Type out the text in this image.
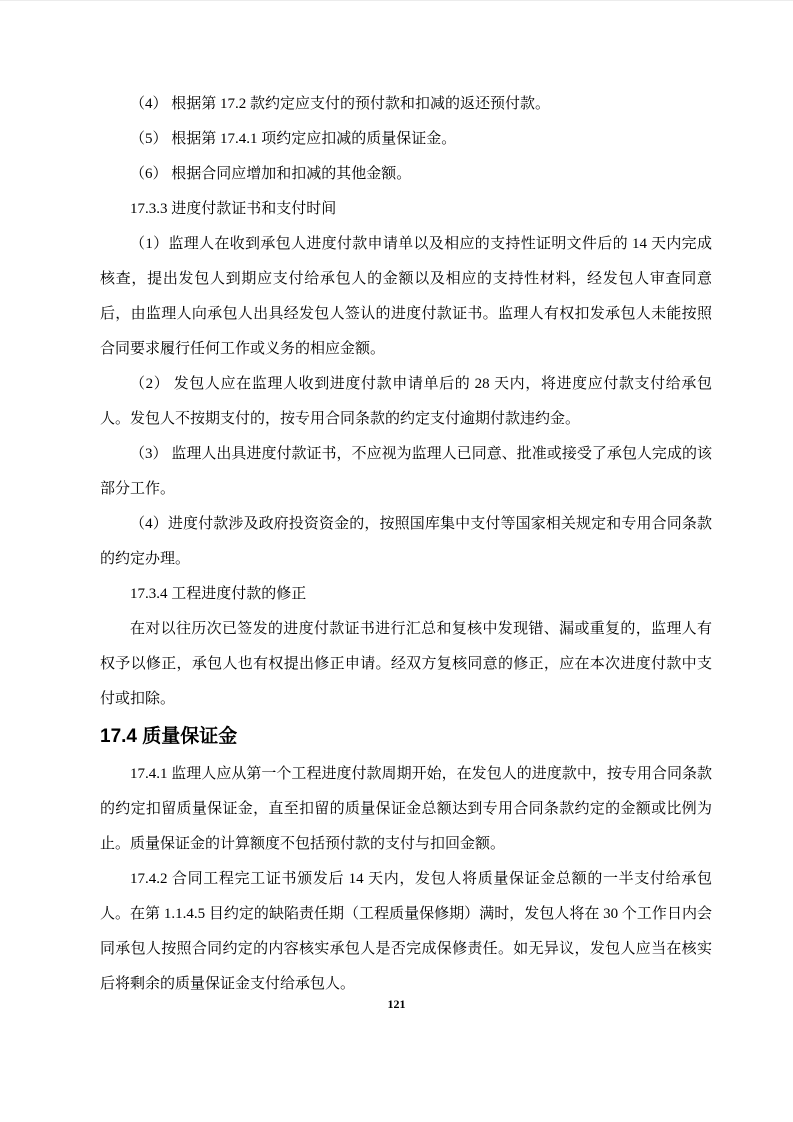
（4） 根据第 17.2 款约定应支付的预付款和扣减的返还预付款。

（5） 根据第 17.4.1 项约定应扣减的质量保证金。

（6） 根据合同应增加和扣减的其他金额。

17.3.3 进度付款证书和支付时间

（1）监理人在收到承包人进度付款申请单以及相应的支持性证明文件后的 14 天内完成核查，提出发包人到期应支付给承包人的金额以及相应的支持性材料，经发包人审查同意后，由监理人向承包人出具经发包人签认的进度付款证书。监理人有权扣发承包人未能按照合同要求履行任何工作或义务的相应金额。

（2） 发包人应在监理人收到进度付款申请单后的 28 天内，将进度应付款支付给承包人。发包人不按期支付的，按专用合同条款的约定支付逾期付款违约金。

（3） 监理人出具进度付款证书，不应视为监理人已同意、批准或接受了承包人完成的该部分工作。

（4）进度付款涉及政府投资资金的，按照国库集中支付等国家相关规定和专用合同条款的约定办理。

17.3.4 工程进度付款的修正

在对以往历次已签发的进度付款证书进行汇总和复核中发现错、漏或重复的，监理人有权予以修正，承包人也有权提出修正申请。经双方复核同意的修正，应在本次进度付款中支付或扣除。

17.4 质量保证金

17.4.1 监理人应从第一个工程进度付款周期开始，在发包人的进度款中，按专用合同条款的约定扣留质量保证金，直至扣留的质量保证金总额达到专用合同条款约定的金额或比例为止。质量保证金的计算额度不包括预付款的支付与扣回金额。

17.4.2 合同工程完工证书颁发后 14 天内，发包人将质量保证金总额的一半支付给承包人。在第 1.1.4.5 目约定的缺陷责任期（工程质量保修期）满时，发包人将在 30 个工作日内会同承包人按照合同约定的内容核实承包人是否完成保修责任。如无异议，发包人应当在核实后将剩余的质量保证金支付给承包人。

121
